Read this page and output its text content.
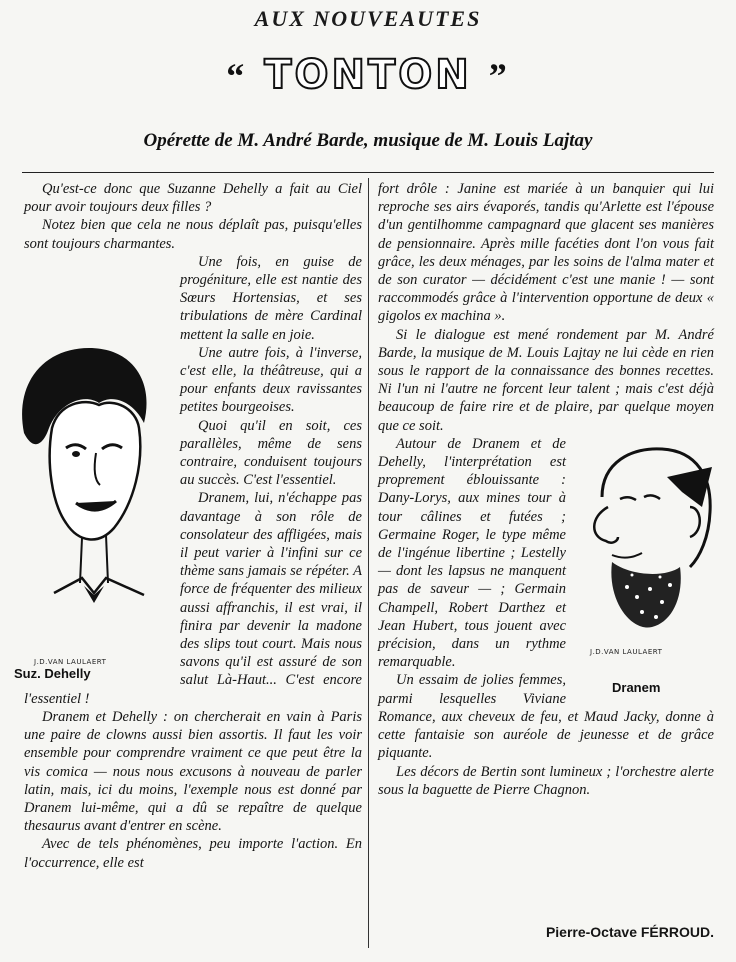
AUX NOUVEAUTES
“ TONTON ”
Opérette de M. André Barde, musique de M. Louis Lajtay

Qu'est-ce donc que Suzanne Dehelly a fait au Ciel pour avoir toujours deux filles ?

Notez bien que cela ne nous déplaît pas, puisqu'elles sont toujours charmantes.

J.D.VAN LAULAERT
Suz. Dehelly

Une fois, en guise de progéniture, elle est nantie des Sœurs Hortensias, et ses tribulations de mère Cardinal mettent la salle en joie.

Une autre fois, à l'inverse, c'est elle, la théâtreuse, qui a pour enfants deux ravissantes petites bourgeoises.

Quoi qu'il en soit, ces parallèles, même de sens contraire, conduisent toujours au succès. C'est l'essentiel.

Dranem, lui, n'échappe pas davantage à son rôle de consolateur des affligées, mais il peut varier à l'infini sur ce thème sans jamais se répéter. A force de fréquenter des milieux aussi affranchis, il est vrai, il finira par devenir la madone des slips tout court. Mais nous savons qu'il est assuré de son salut Là-Haut... C'est encore l'essentiel !

Dranem et Dehelly : on chercherait en vain à Paris une paire de clowns aussi bien assortis. Il faut les voir ensemble pour comprendre vraiment ce que peut être la vis comica — nous nous excusons à nouveau de parler latin, mais, ici du moins, l'exemple nous est donné par Dranem lui-même, qui a dû se repaître de quelque thesaurus avant d'entrer en scène.

Avec de tels phénomènes, peu importe l'action. En l'occurrence, elle est

fort drôle : Janine est mariée à un banquier qui lui reproche ses airs évaporés, tandis qu'Arlette est l'épouse d'un gentilhomme campagnard que glacent ses manières de pensionnaire. Après mille facéties dont l'on vous fait grâce, les deux ménages, par les soins de l'alma mater et de son curator — décidément c'est une manie ! — sont raccommodés grâce à l'intervention opportune de deux « gigolos ex machina ».

Si le dialogue est mené rondement par M. André Barde, la musique de M. Louis Lajtay ne lui cède en rien sous le rapport de la connaissance des bonnes recettes. Ni l'un ni l'autre ne forcent leur talent ; mais c'est déjà beaucoup de faire rire et de plaire, par quelque moyen que ce soit.

J.D.VAN LAULAERT
Dranem

Autour de Dranem et de Dehelly, l'interprétation est proprement éblouissante : Dany-Lorys, aux mines tour à tour câlines et futées ; Germaine Roger, le type même de l'ingénue libertine ; Lestelly — dont les lapsus ne manquent pas de saveur — ; Germain Champell, Robert Darthez et Jean Hubert, tous jouent avec précision, dans un rythme remarquable.

Un essaim de jolies femmes, parmi lesquelles Viviane Romance, aux cheveux de feu, et Maud Jacky, donne à cette fantaisie son auréole de jeunesse et de grâce piquante.

Les décors de Bertin sont lumineux ; l'orchestre alerte sous la baguette de Pierre Chagnon.

Pierre-Octave FÉRROUD.
